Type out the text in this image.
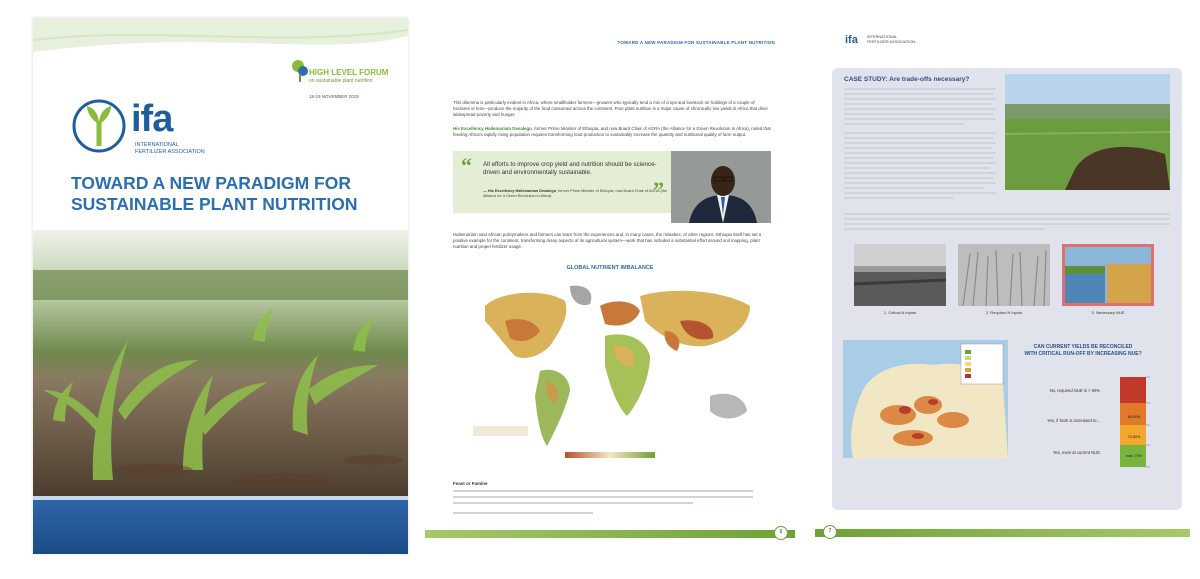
HIGH LEVEL FORUM
on sustainable plant nutrition
18-19 NOVEMBER 2019
ifa
INTERNATIONAL
FERTILIZER ASSOCIATION
TOWARD A NEW PARADIGM FOR
SUSTAINABLE PLANT NUTRITION
TOWARD A NEW PARADIGM FOR SUSTAINABLE PLANT NUTRITION

This dilemma is particularly evident in Africa, where smallholder farmers—growers who typically tend a mix of crops and livestock on holdings of a couple of hectares or less—produce the majority of the food consumed across the continent. Poor plant nutrition is a major cause of chronically low yields in Africa that drive widespread poverty and hunger.

His Excellency Hailemariam Desalegn, former Prime Minister of Ethiopia, and now Board Chair of AGRA (the Alliance for a Green Revolution in Africa), noted that feeding Africa's rapidly rising population requires transforming food production to sustainably increase the quantity and nutritional quality of farm output.

“
”
All efforts to improve crop yield and nutrition should be science-driven and environmentally sustainable.
— His Excellency Hailemariam Desalegn, former Prime Minister of Ethiopia, now Board Chair of AGRA (the Alliance for a Green Revolution in Africa)

Hailemariam said African policymakers and farmers can learn from the experiences and, in many cases, the mistakes, of other regions. Ethiopia itself has set a positive example for the continent, transforming many aspects of its agricultural system—work that has included a substantial effort around soil mapping, plant nutrition and proper fertilizer usage.

GLOBAL NUTRIENT IMBALANCE
Feast or Famine
6
ifa INTERNATIONAL
FERTILIZER ASSOCIATION
CASE STUDY: Are trade-offs necessary?
1. Critical N inputs	2. Required N inputs	3. Necessary NUE
CAN CURRENT YIELDS BE RECONCILED
WITH CRITICAL RUN-OFF BY INCREASING NUE?
No, required NUE is > 90%
Yes, if NUE is increased to...
Yes, even at current NUE
80-90%
70-80%
max. 70%
7
